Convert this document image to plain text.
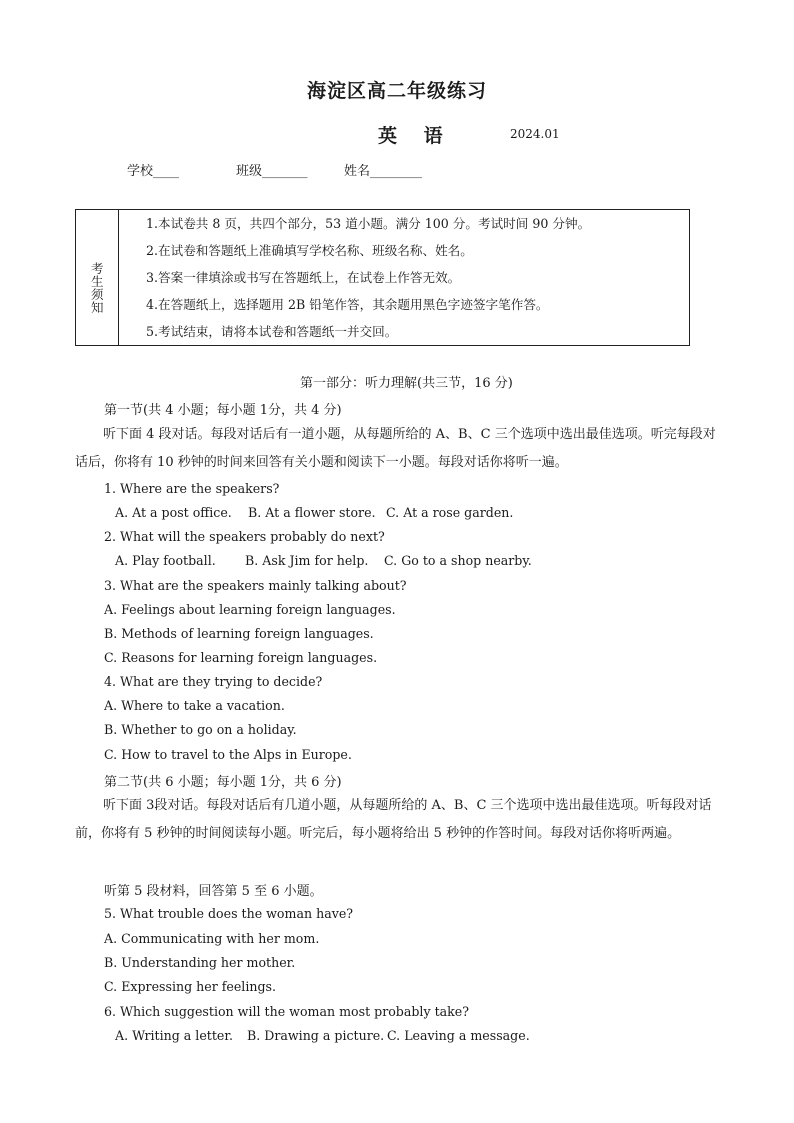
海淀区高二年级练习
英 语	2024.01
学校____	班级_______	姓名________
考生须知
1.本试卷共 8 页，共四个部分，53 道小题。满分 100 分。考试时间 90 分钟。
2.在试卷和答题纸上准确填写学校名称、班级名称、姓名。
3.答案一律填涂或书写在答题纸上，在试卷上作答无效。
4.在答题纸上，选择题用 2B 铅笔作答，其余题用黑色字迹签字笔作答。
5.考试结束，请将本试卷和答题纸一并交回。
第一部分：听力理解(共三节，16 分)
第一节(共 4 小题；每小题 1分，共 4 分)
听下面 4 段对话。每段对话后有一道小题，从每题所给的 A、B、C 三个选项中选出最佳选项。听完每段对话后，你将有 10 秒钟的时间来回答有关小题和阅读下一小题。每段对话你将听一遍。
1. Where are the speakers?
A. At a post office. B. At a flower store. C. At a rose garden.
2. What will the speakers probably do next?
A. Play football. B. Ask Jim for help. C. Go to a shop nearby.
3. What are the speakers mainly talking about?
A. Feelings about learning foreign languages.
B. Methods of learning foreign languages.
C. Reasons for learning foreign languages.
4. What are they trying to decide?
A. Where to take a vacation.
B. Whether to go on a holiday.
C. How to travel to the Alps in Europe.
第二节(共 6 小题；每小题 1分，共 6 分)
听下面 3段对话。每段对话后有几道小题，从每题所给的 A、B、C 三个选项中选出最佳选项。听每段对话前，你将有 5 秒钟的时间阅读每小题。听完后，每小题将给出 5 秒钟的作答时间。每段对话你将听两遍。
听第 5 段材料，回答第 5 至 6 小题。
5. What trouble does the woman have?
A. Communicating with her mom.
B. Understanding her mother.
C. Expressing her feelings.
6. Which suggestion will the woman most probably take?
A. Writing a letter. B. Drawing a picture. C. Leaving a message.
